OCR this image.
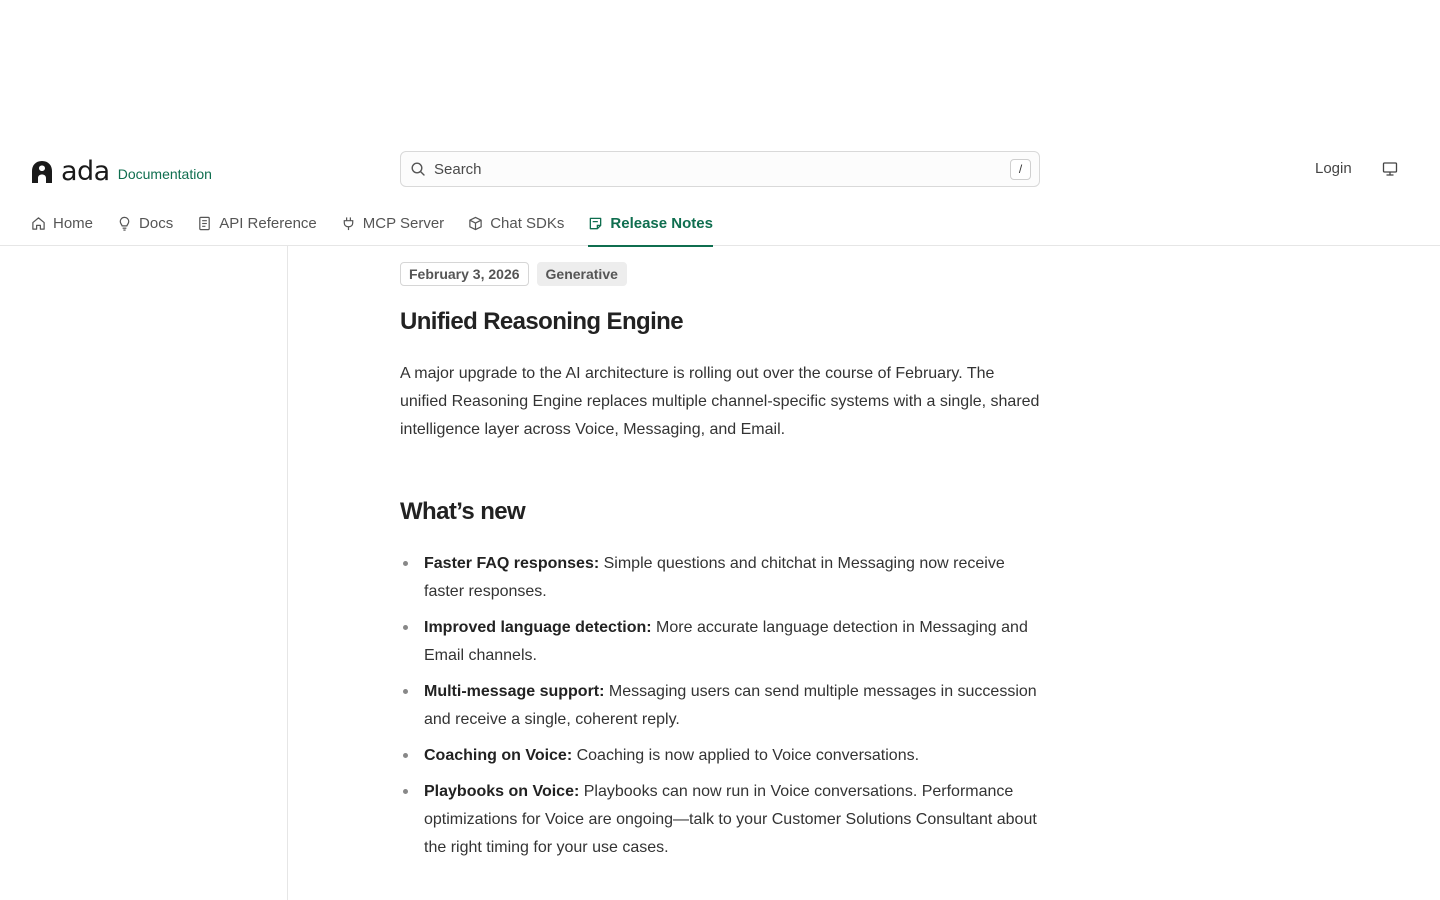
ada Documentation	Search	/	Login
Home	Docs	API Reference	MCP Server	Chat SDKs	Release Notes
February 3, 2026	Generative
Unified Reasoning Engine

A major upgrade to the AI architecture is rolling out over the course of February. The unified Reasoning Engine replaces multiple channel-specific systems with a single, shared intelligence layer across Voice, Messaging, and Email.

What’s new
Faster FAQ responses: Simple questions and chitchat in Messaging now receive faster responses.
Improved language detection: More accurate language detection in Messaging and Email channels.
Multi-message support: Messaging users can send multiple messages in succession and receive a single, coherent reply.
Coaching on Voice: Coaching is now applied to Voice conversations.
Playbooks on Voice: Playbooks can now run in Voice conversations. Performance optimizations for Voice are ongoing—talk to your Customer Solutions Consultant about the right timing for your use cases.
